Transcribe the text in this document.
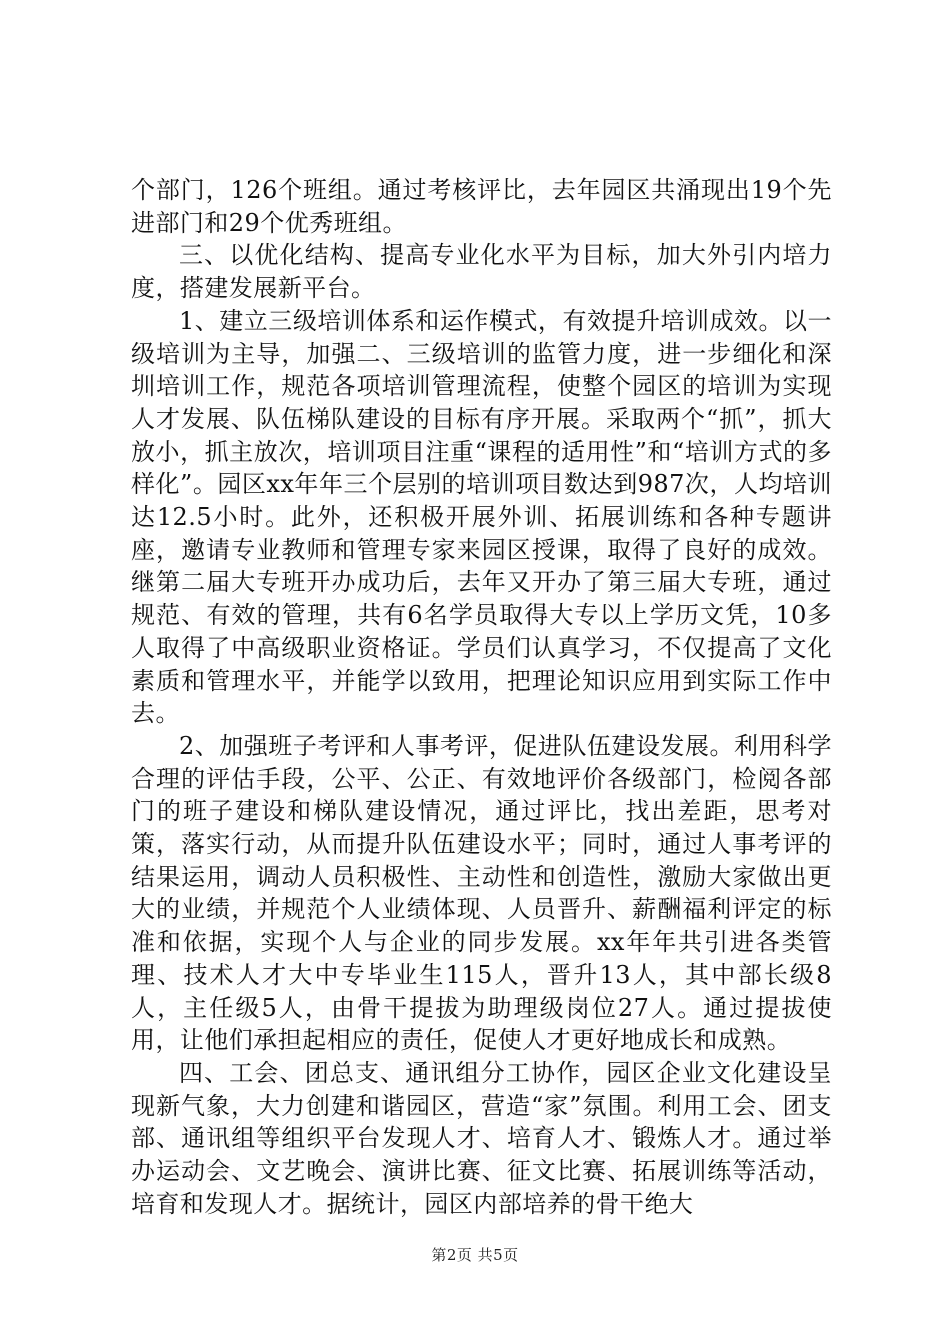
个部门，126个班组。通过考核评比，去年园区共涌现出19个先进部门和29个优秀班组。

三、以优化结构、提高专业化水平为目标，加大外引内培力度，搭建发展新平台。

1、建立三级培训体系和运作模式，有效提升培训成效。以一级培训为主导，加强二、三级培训的监管力度，进一步细化和深圳培训工作，规范各项培训管理流程，使整个园区的培训为实现人才发展、队伍梯队建设的目标有序开展。采取两个“抓”，抓大放小，抓主放次，培训项目注重“课程的适用性”和“培训方式的多样化”。园区xx年年三个层别的培训项目数达到987次，人均培训达12.5小时。此外，还积极开展外训、拓展训练和各种专题讲座，邀请专业教师和管理专家来园区授课，取得了良好的成效。继第二届大专班开办成功后，去年又开办了第三届大专班，通过规范、有效的管理，共有6名学员取得大专以上学历文凭，10多人取得了中高级职业资格证。学员们认真学习，不仅提高了文化素质和管理水平，并能学以致用，把理论知识应用到实际工作中去。

2、加强班子考评和人事考评，促进队伍建设发展。利用科学合理的评估手段，公平、公正、有效地评价各级部门，检阅各部门的班子建设和梯队建设情况，通过评比，找出差距，思考对策，落实行动，从而提升队伍建设水平；同时，通过人事考评的结果运用，调动人员积极性、主动性和创造性，激励大家做出更大的业绩，并规范个人业绩体现、人员晋升、薪酬福利评定的标准和依据，实现个人与企业的同步发展。xx年年共引进各类管理、技术人才大中专毕业生115人，晋升13人，其中部长级8人，主任级5人，由骨干提拔为助理级岗位27人。通过提拔使用，让他们承担起相应的责任，促使人才更好地成长和成熟。

四、工会、团总支、通讯组分工协作，园区企业文化建设呈现新气象，大力创建和谐园区，营造“家”氛围。利用工会、团支部、通讯组等组织平台发现人才、培育人才、锻炼人才。通过举办运动会、文艺晚会、演讲比赛、征文比赛、拓展训练等活动，培育和发现人才。据统计，园区内部培养的骨干绝大

第2页 共5页
